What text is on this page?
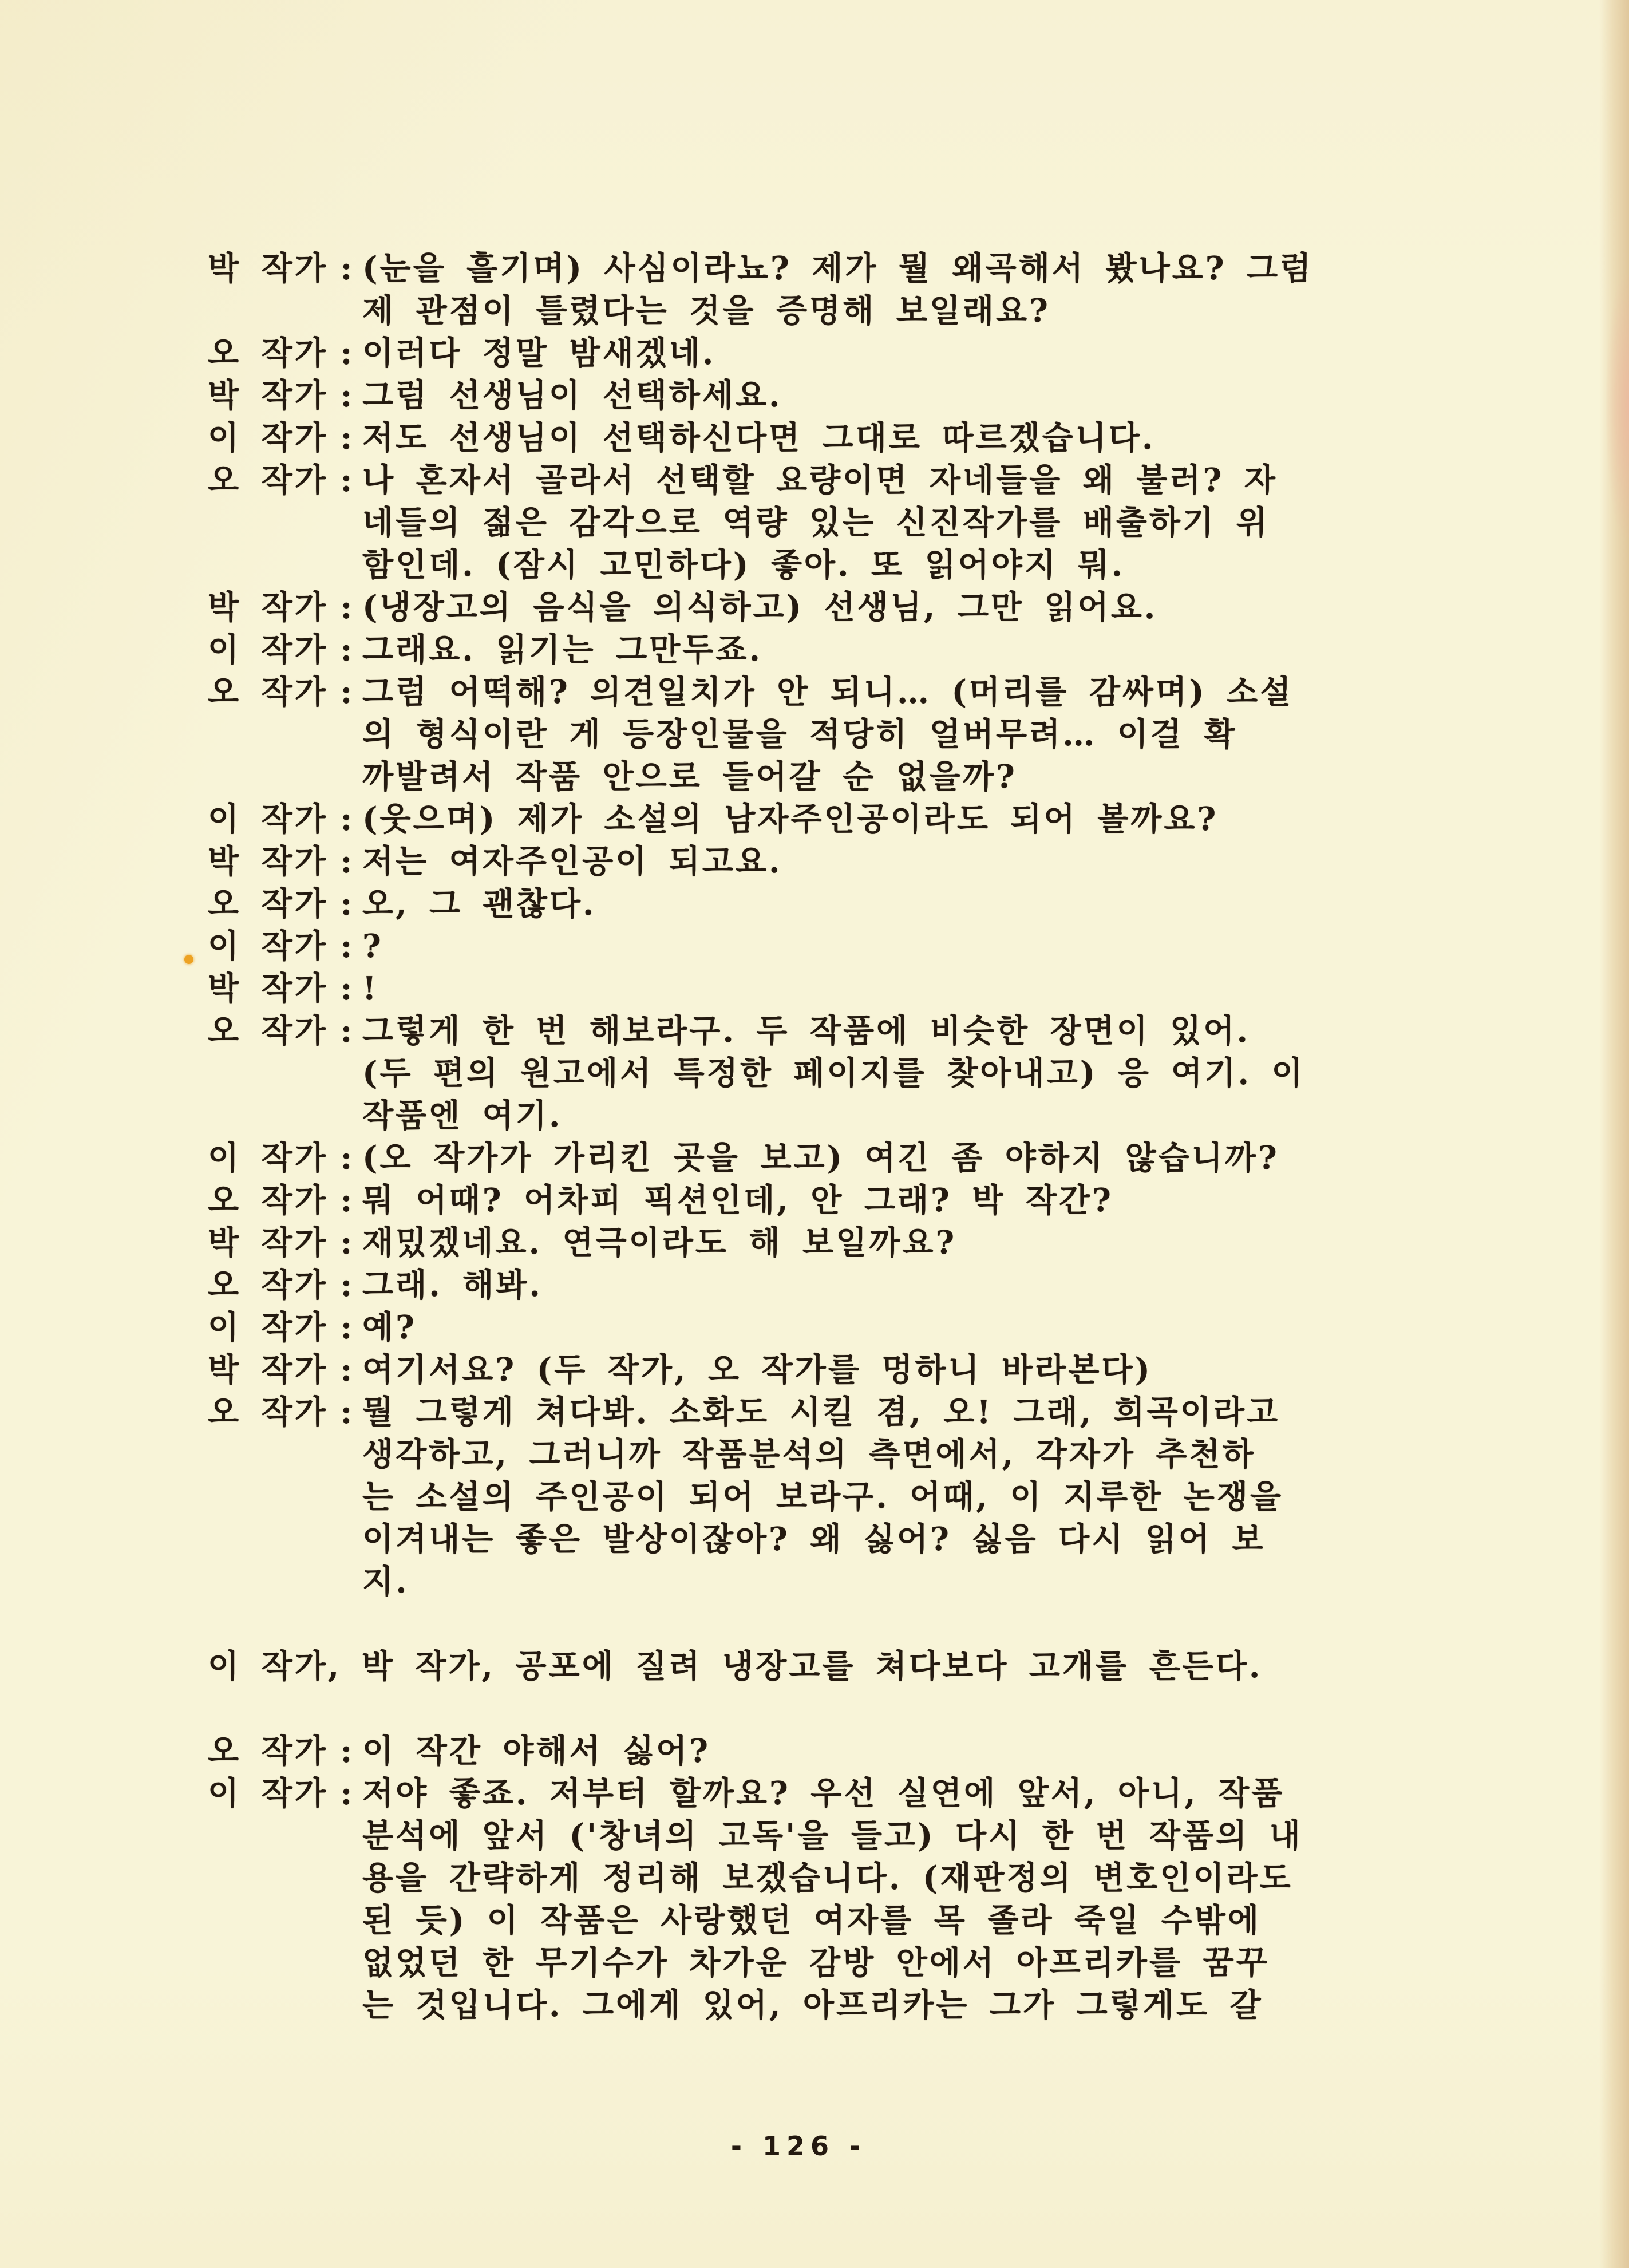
박 작가 : (눈을 흘기며) 사심이라뇨? 제가 뭘 왜곡해서 봤나요? 그럼
제 관점이 틀렸다는 것을 증명해 보일래요?
오 작가 : 이러다 정말 밤새겠네.
박 작가 : 그럼 선생님이 선택하세요.
이 작가 : 저도 선생님이 선택하신다면 그대로 따르겠습니다.
오 작가 : 나 혼자서 골라서 선택할 요량이면 자네들을 왜 불러? 자
네들의 젊은 감각으로 역량 있는 신진작가를 배출하기 위
함인데. (잠시 고민하다) 좋아. 또 읽어야지 뭐.
박 작가 : (냉장고의 음식을 의식하고) 선생님, 그만 읽어요.
이 작가 : 그래요. 읽기는 그만두죠.
오 작가 : 그럼 어떡해? 의견일치가 안 되니… (머리를 감싸며) 소설
의 형식이란 게 등장인물을 적당히 얼버무려… 이걸 확
까발려서 작품 안으로 들어갈 순 없을까?
이 작가 : (웃으며) 제가 소설의 남자주인공이라도 되어 볼까요?
박 작가 : 저는 여자주인공이 되고요.
오 작가 : 오, 그 괜찮다.
이 작가 : ?
박 작가 : !
오 작가 : 그렇게 한 번 해보라구. 두 작품에 비슷한 장면이 있어.
(두 편의 원고에서 특정한 페이지를 찾아내고) 응 여기. 이
작품엔 여기.
이 작가 : (오 작가가 가리킨 곳을 보고) 여긴 좀 야하지 않습니까?
오 작가 : 뭐 어때? 어차피 픽션인데, 안 그래? 박 작간?
박 작가 : 재밌겠네요. 연극이라도 해 보일까요?
오 작가 : 그래. 해봐.
이 작가 : 예?
박 작가 : 여기서요? (두 작가, 오 작가를 멍하니 바라본다)
오 작가 : 뭘 그렇게 쳐다봐. 소화도 시킬 겸, 오! 그래, 희곡이라고
생각하고, 그러니까 작품분석의 측면에서, 각자가 추천하
는 소설의 주인공이 되어 보라구. 어때, 이 지루한 논쟁을
이겨내는 좋은 발상이잖아? 왜 싫어? 싫음 다시 읽어 보
지.
이 작가, 박 작가, 공포에 질려 냉장고를 쳐다보다 고개를 흔든다.
오 작가 : 이 작간 야해서 싫어?
이 작가 : 저야 좋죠. 저부터 할까요? 우선 실연에 앞서, 아니, 작품
분석에 앞서 ('창녀의 고독'을 들고) 다시 한 번 작품의 내
용을 간략하게 정리해 보겠습니다. (재판정의 변호인이라도
된 듯) 이 작품은 사랑했던 여자를 목 졸라 죽일 수밖에
없었던 한 무기수가 차가운 감방 안에서 아프리카를 꿈꾸
는 것입니다. 그에게 있어, 아프리카는 그가 그렇게도 갈
- 126 -
